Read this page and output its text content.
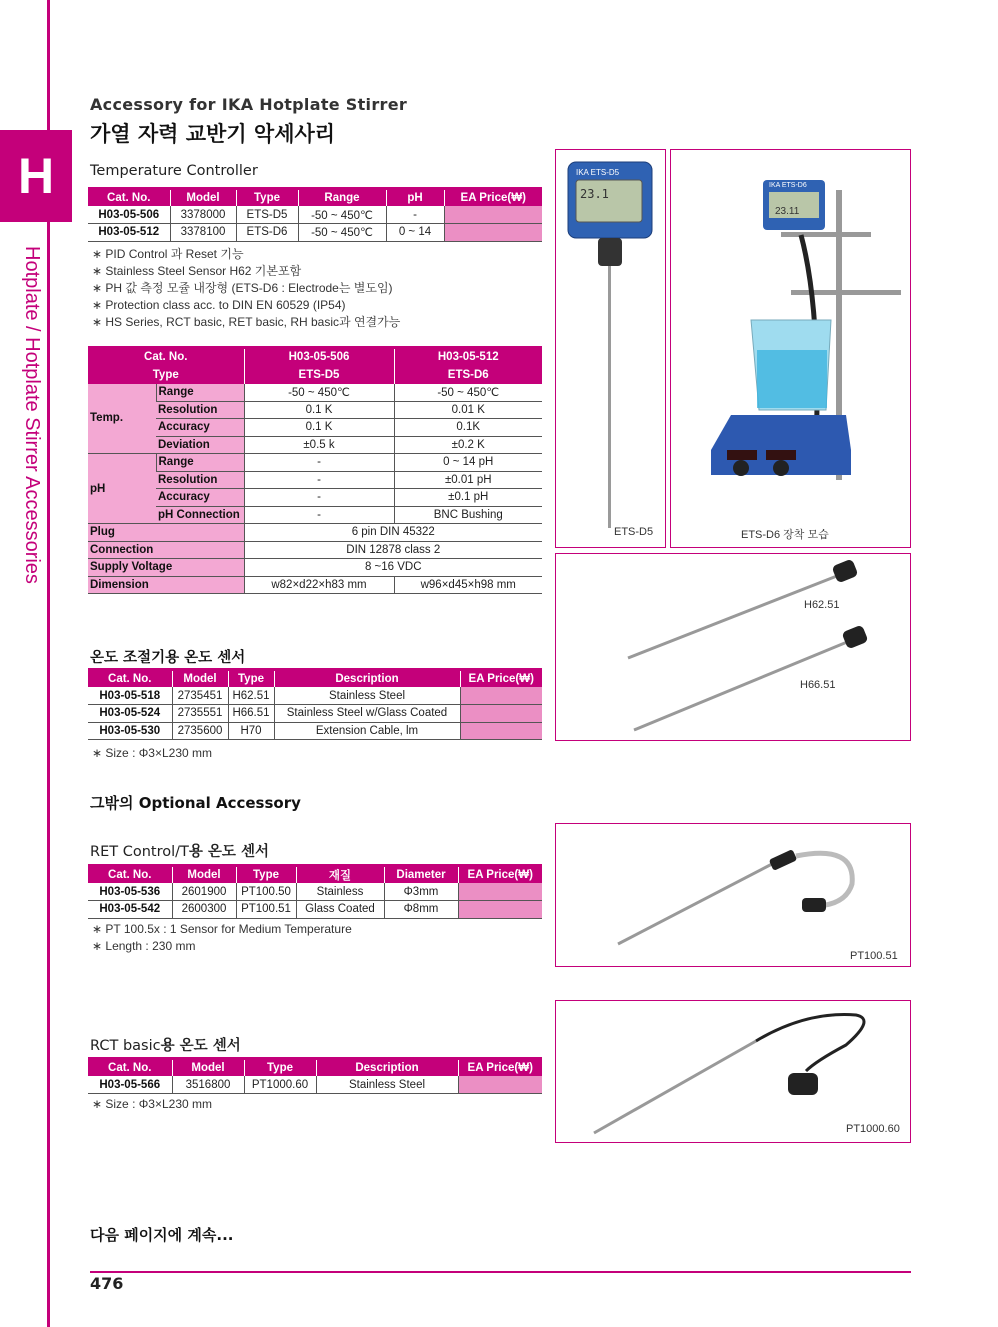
H
Hotplate / Hotplate Stirrer Accessories
Accessory for IKA Hotplate Stirrer
가열 자력 교반기 악세사리
Temperature Controller
Cat. No.	Model	Type	Range	pH	EA Price(₩)
H03-05-506	3378000	ETS-D5	-50 ~ 450℃	-	
H03-05-512	3378100	ETS-D6	-50 ~ 450℃	0 ~ 14	
∗ PID Control 과 Reset 기능
∗ Stainless Steel Sensor H62 기본포함
∗ PH 값 측정 모쥴 내장형 (ETS-D6 : Electrode는 별도임)
∗ Protection class acc. to DIN EN 60529 (IP54)
∗ HS Series, RCT basic, RET basic, RH basic과 연결가능
Cat. No.		H03-05-506	H03-05-512
Type		ETS-D5	ETS-D6
Temp.	Range	-50 ~ 450℃	-50 ~ 450℃
	Resolution	0.1 K	0.01 K
	Accuracy	0.1 K	0.1K
	Deviation	±0.5 k	±0.2 K
pH	Range	-	0 ~ 14 pH
	Resolution	-	±0.01 pH
	Accuracy	-	±0.1 pH
	pH Connection	-	BNC Bushing
Plug		6 pin DIN 45322	
Connection		DIN 12878 class 2	
Supply Voltage		8 ~16 VDC	
Dimension		w82×d22×h83 mm	w96×d45×h98 mm
온도 조절기용 온도 센서
Cat. No.	Model	Type	Description	EA Price(₩)
H03-05-518	2735451	H62.51	Stainless Steel	
H03-05-524	2735551	H66.51	Stainless Steel w/Glass Coated	
H03-05-530	2735600	H70	Extension Cable, lm	
∗ Size : Φ3×L230 mm
그밖의 Optional Accessory
RET Control/T용 온도 센서
Cat. No.	Model	Type	재질	Diameter	EA Price(₩)
H03-05-536	2601900	PT100.50	Stainless	Φ3mm	
H03-05-542	2600300	PT100.51	Glass Coated	Φ8mm	
∗ PT 100.5x : 1 Sensor for Medium Temperature
∗ Length : 230 mm
RCT basic용 온도 센서
Cat. No.	Model	Type	Description	EA Price(₩)
H03-05-566	3516800	PT1000.60	Stainless Steel	
∗ Size : Φ3×L230 mm
23.1
ETS-D5
IKA ETS-D5
IKA ETS-D6
23.11
ETS-D6 장착 모습
H62.51
H66.51
PT100.51
PT1000.60
다음 페이지에 계속...
476
